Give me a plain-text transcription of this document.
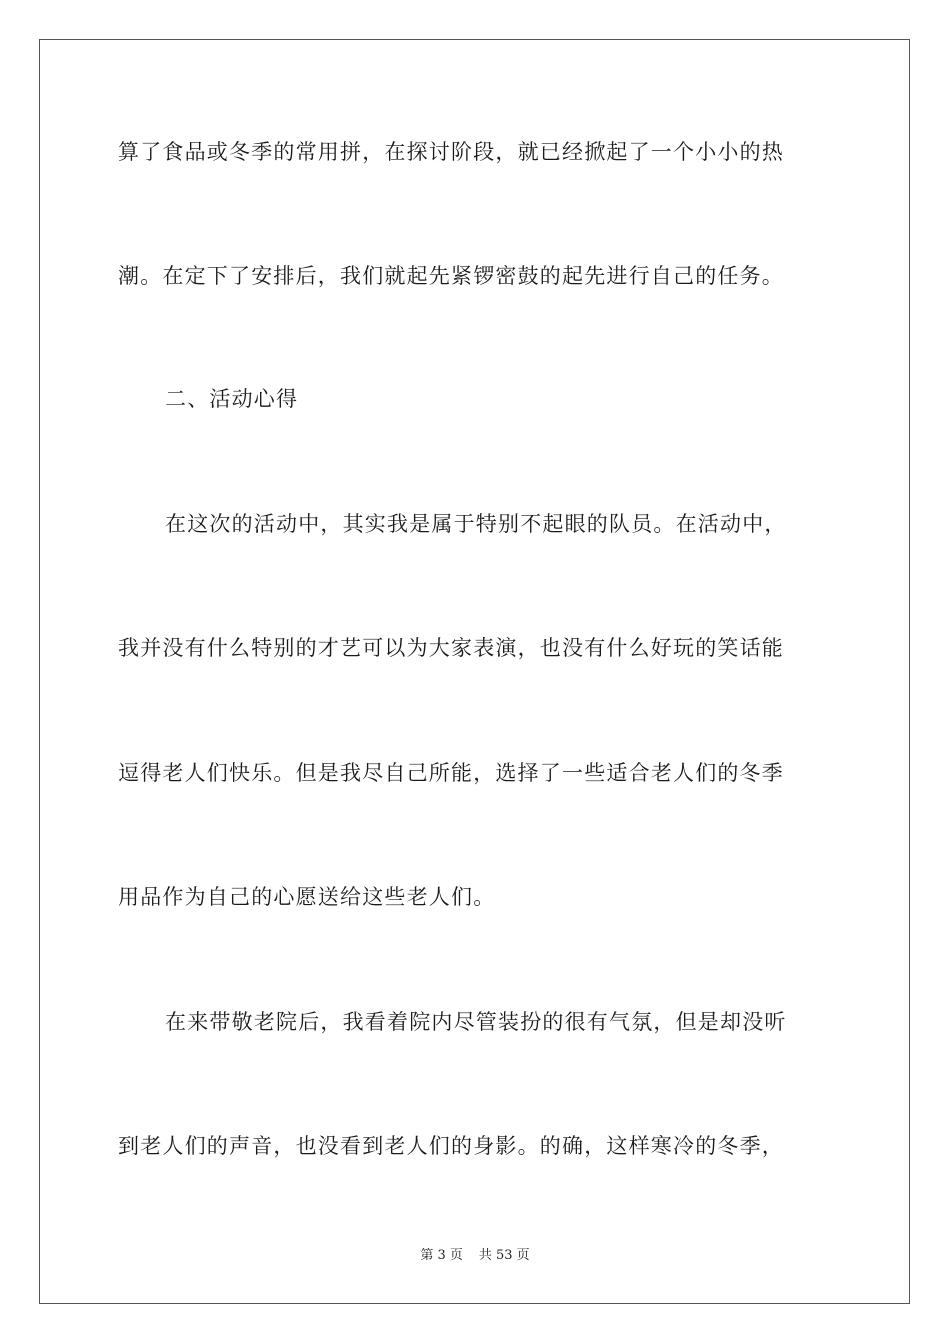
算了食品或冬季的常用拼，在探讨阶段，就已经掀起了一个小小的热
潮。在定下了安排后，我们就起先紧锣密鼓的起先进行自己的任务。
二、活动心得
在这次的活动中，其实我是属于特别不起眼的队员。在活动中，
我并没有什么特别的才艺可以为大家表演，也没有什么好玩的笑话能
逗得老人们快乐。但是我尽自己所能，选择了一些适合老人们的冬季
用品作为自己的心愿送给这些老人们。
在来带敬老院后，我看着院内尽管装扮的很有气氛，但是却没听
到老人们的声音，也没看到老人们的身影。的确，这样寒冷的冬季，
第 3 页 共 53 页
